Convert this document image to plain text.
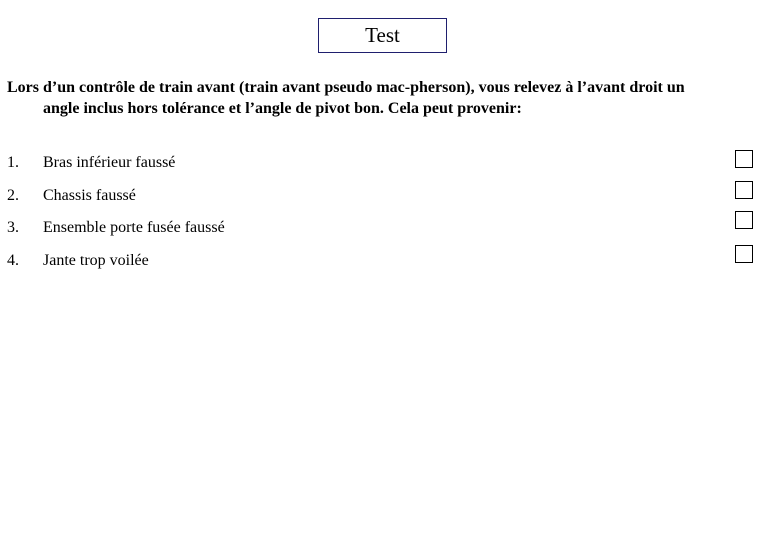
Test
Lors d’un contrôle de train avant (train avant pseudo mac-pherson), vous relevez à l’avant droit un angle inclus hors tolérance et l’angle de pivot bon. Cela peut provenir:
1. Bras inférieur faussé
2. Chassis faussé
3. Ensemble porte fusée faussé
4. Jante trop voilée
